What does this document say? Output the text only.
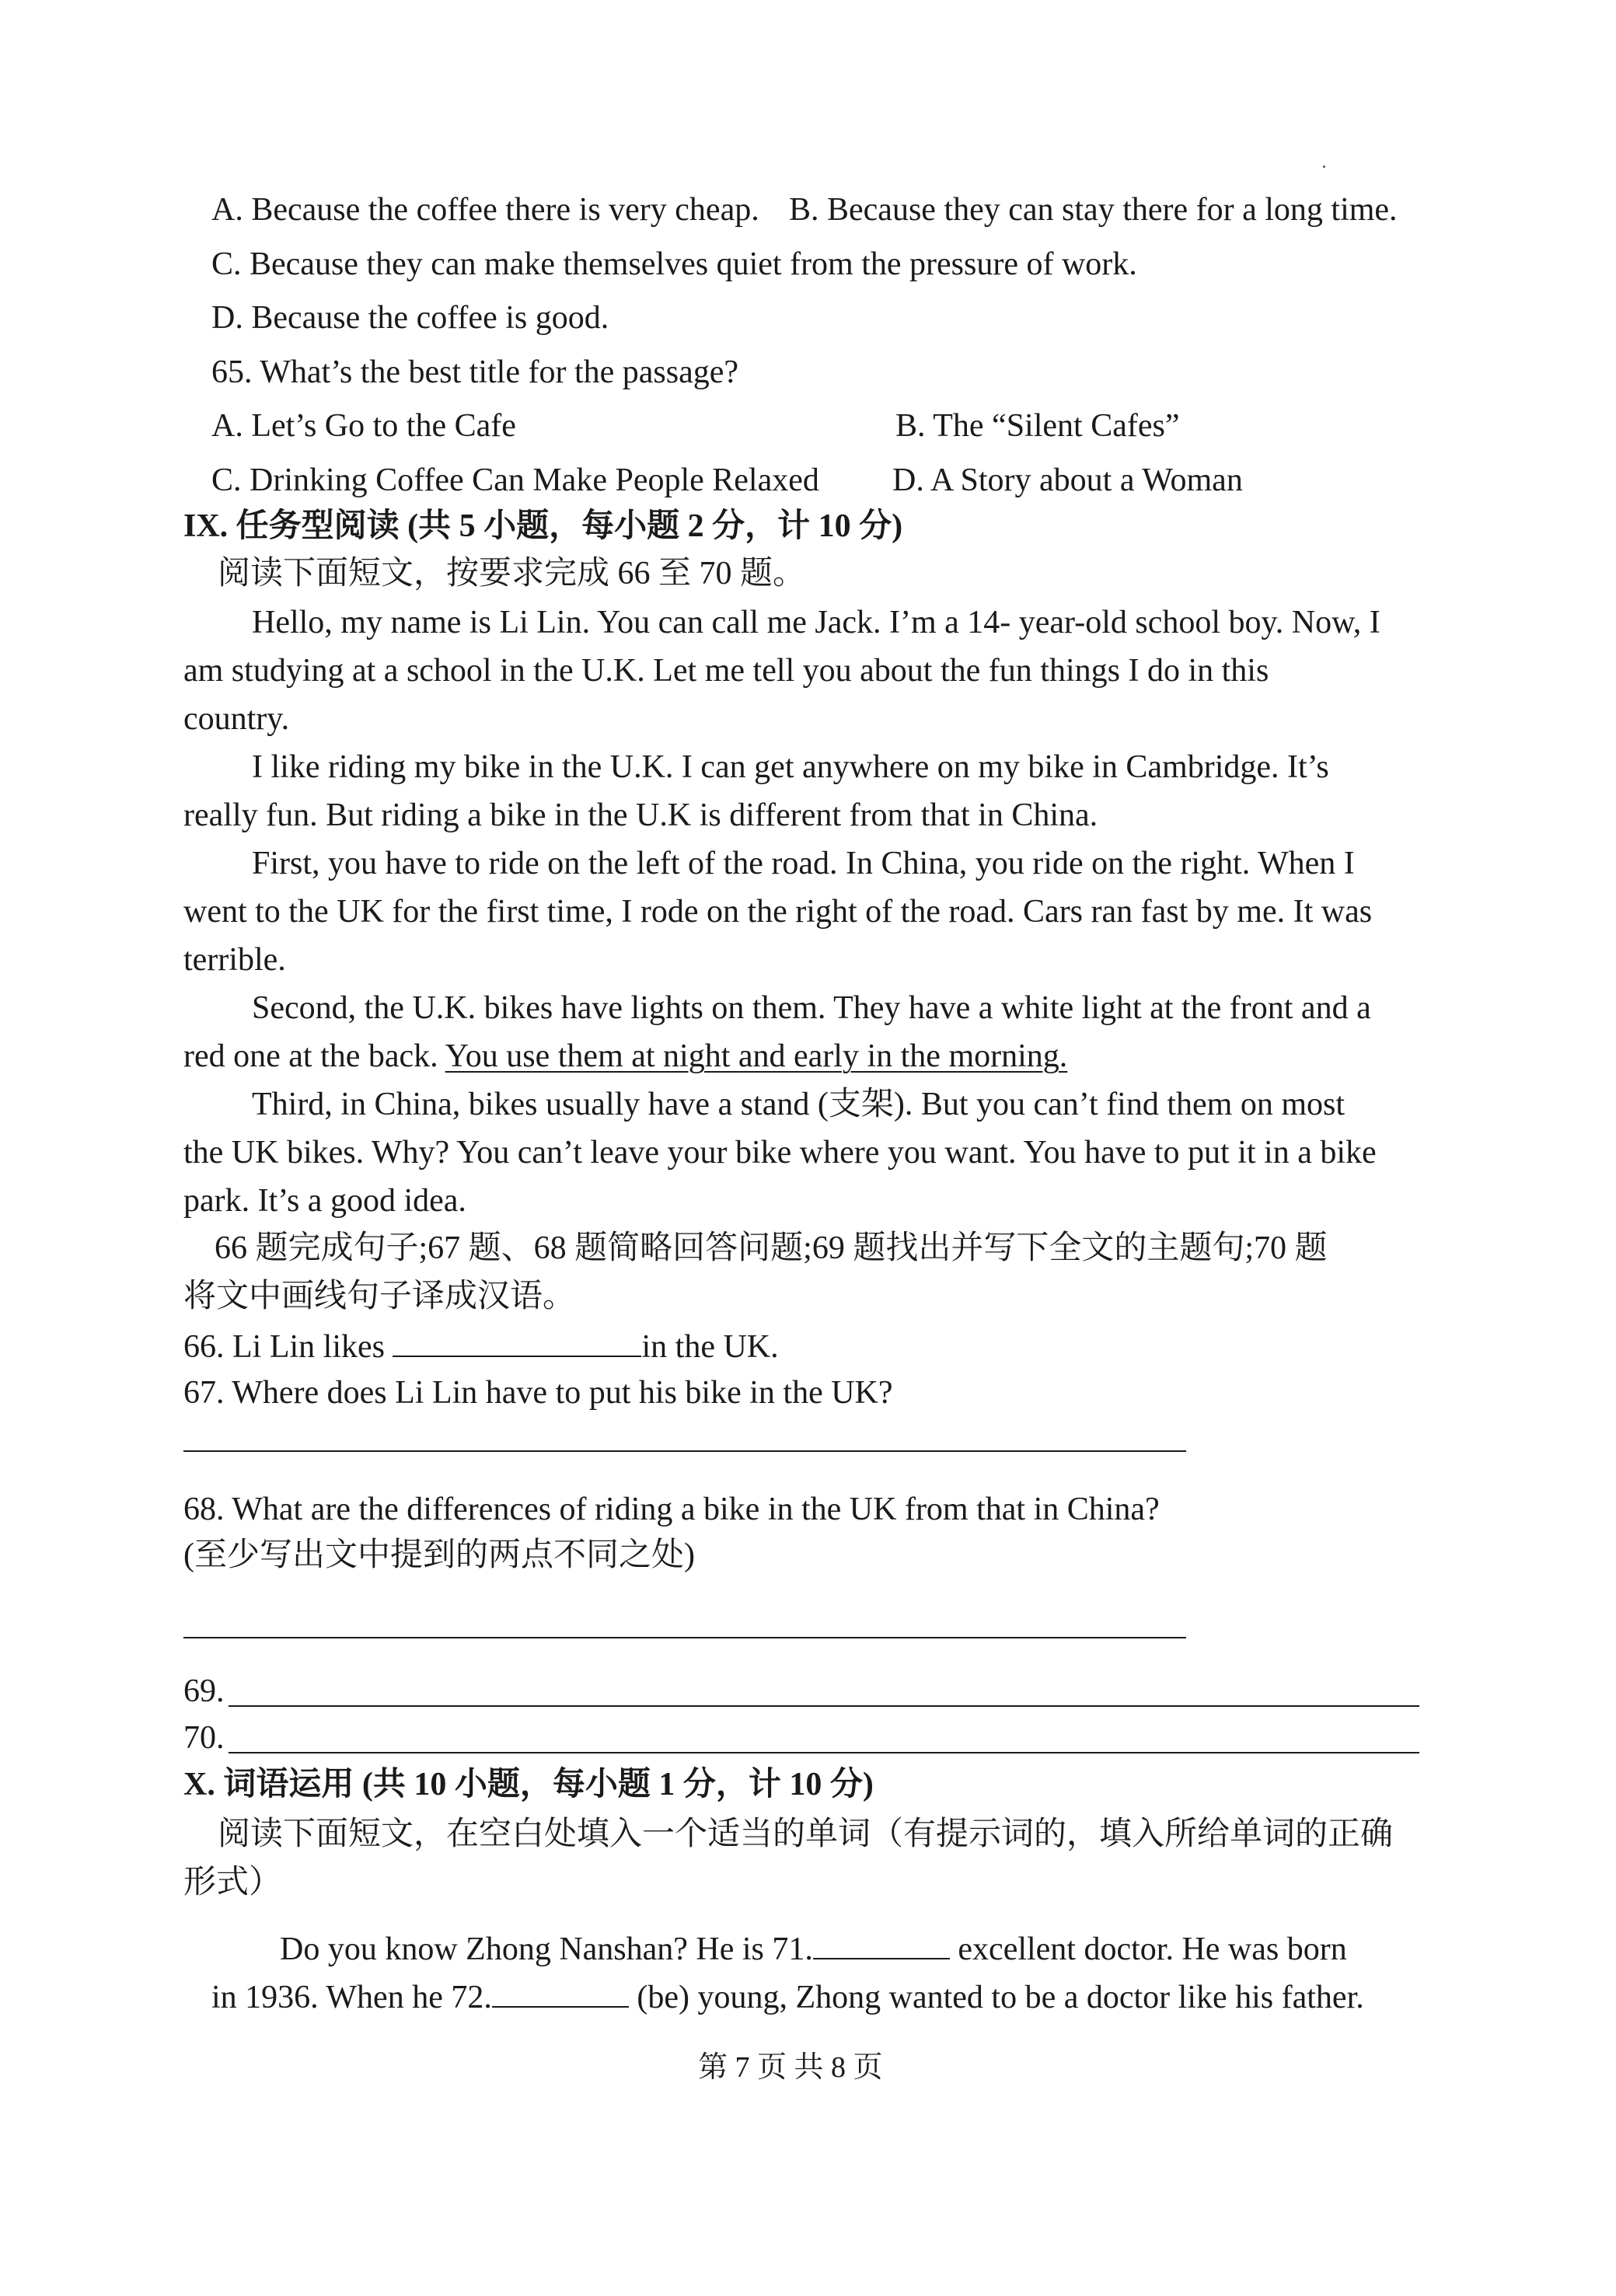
A. Because the coffee there is very cheap. B. Because they can stay there for a long time.
C. Because they can make themselves quiet from the pressure of work.
D. Because the coffee is good.
65. What’s the best title for the passage?
A. Let’s Go to the Cafe	B. The “Silent Cafes”
C. Drinking Coffee Can Make People Relaxed D. A Story about a Woman
IX. 任务型阅读 (共 5 小题，每小题 2 分，计 10 分)
阅读下面短文，按要求完成 66 至 70 题。
Hello, my name is Li Lin. You can call me Jack. I’m a 14- year-old school boy. Now, I
am studying at a school in the U.K. Let me tell you about the fun things I do in this
country.
I like riding my bike in the U.K. I can get anywhere on my bike in Cambridge. It’s
really fun. But riding a bike in the U.K is different from that in China.
First, you have to ride on the left of the road. In China, you ride on the right. When I
went to the UK for the first time, I rode on the right of the road. Cars ran fast by me. It was
terrible.
Second, the U.K. bikes have lights on them. They have a white light at the front and a
red one at the back. You use them at night and early in the morning.
Third, in China, bikes usually have a stand (支架). But you can’t find them on most
the UK bikes. Why? You can’t leave your bike where you want. You have to put it in a bike
park. It’s a good idea.
66 题完成句子;67 题、68 题简略回答问题;69 题找出并写下全文的主题句;70 题
将文中画线句子译成汉语。
66. Li Lin likes	in the UK.
67. Where does Li Lin have to put his bike in the UK?
68. What are the differences of riding a bike in the UK from that in China?
(至少写出文中提到的两点不同之处)
69.
70.
X. 词语运用 (共 10 小题，每小题 1 分，计 10 分)
阅读下面短文，在空白处填入一个适当的单词（有提示词的，填入所给单词的正确
形式）
Do you know Zhong Nanshan? He is 71.	excellent doctor. He was born
in 1936. When he 72.	(be) young, Zhong wanted to be a doctor like his father.
第 7 页 共 8 页
